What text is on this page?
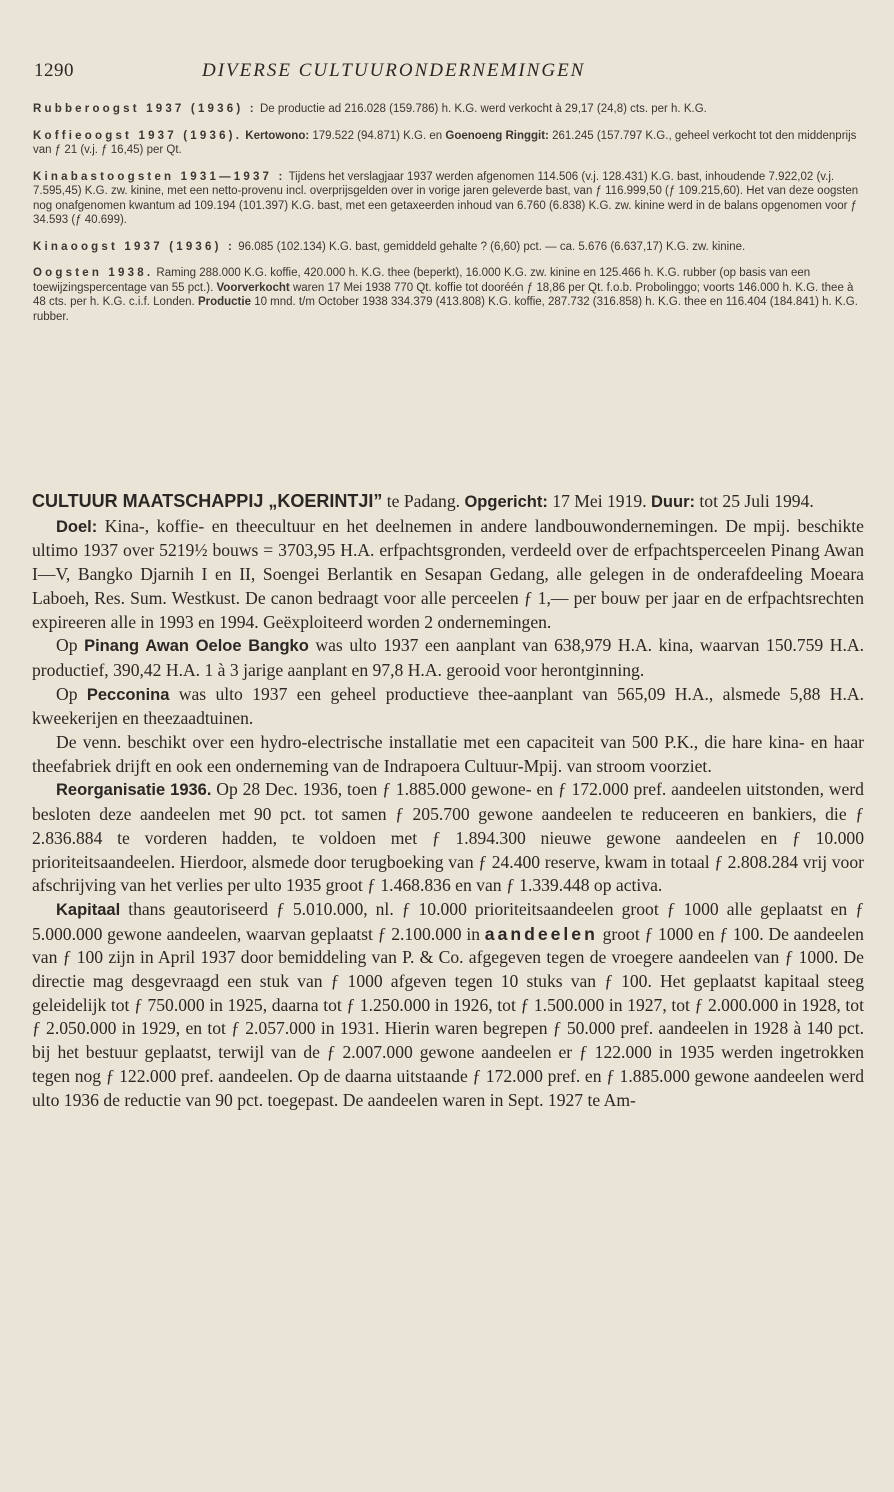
1290	DIVERSE CULTUURONDERNEMINGEN

Rubberoogst 1937 (1936) : De productie ad 216.028 (159.786) h. K.G. werd verkocht à 29,17 (24,8) cts. per h. K.G.

Koffieoogst 1937 (1936). Kertowono: 179.522 (94.871) K.G. en Goenoeng Ringgit: 261.245 (157.797 K.G., geheel verkocht tot den middenprijs van ƒ 21 (v.j. ƒ 16,45) per Qt.

Kinabastoogsten 1931—1937 : Tijdens het verslagjaar 1937 werden afgenomen 114.506 (v.j. 128.431) K.G. bast, inhoudende 7.922,02 (v.j. 7.595,45) K.G. zw. kinine, met een netto-provenu incl. overprijsgelden over in vorige jaren geleverde bast, van ƒ 116.999,50 (ƒ 109.215,60). Het van deze oogsten nog onafgenomen kwantum ad 109.194 (101.397) K.G. bast, met een getaxeerden inhoud van 6.760 (6.838) K.G. zw. kinine werd in de balans opgenomen voor ƒ 34.593 (ƒ 40.699).

Kinaoogst 1937 (1936) : 96.085 (102.134) K.G. bast, gemiddeld gehalte ? (6,60) pct. — ca. 5.676 (6.637,17) K.G. zw. kinine.

Oogsten 1938. Raming 288.000 K.G. koffie, 420.000 h. K.G. thee (beperkt), 16.000 K.G. zw. kinine en 125.466 h. K.G. rubber (op basis van een toewijzingspercentage van 55 pct.). Voorverkocht waren 17 Mei 1938 770 Qt. koffie tot dooréén ƒ 18,86 per Qt. f.o.b. Probolinggo; voorts 146.000 h. K.G. thee à 48 cts. per h. K.G. c.i.f. Londen. Productie 10 mnd. t/m October 1938 334.379 (413.808) K.G. koffie, 287.732 (316.858) h. K.G. thee en 116.404 (184.841) h. K.G. rubber.

CULTUUR MAATSCHAPPIJ „KOERINTJI” te Padang. Opgericht: 17 Mei 1919. Duur: tot 25 Juli 1994.

Doel: Kina-, koffie- en theecultuur en het deelnemen in andere landbouwondernemingen. De mpij. beschikte ultimo 1937 over 5219½ bouws = 3703,95 H.A. erfpachtsgronden, verdeeld over de erfpachtsperceelen Pinang Awan I—V, Bangko Djarnih I en II, Soengei Berlantik en Sesapan Gedang, alle gelegen in de onderafdeeling Moeara Laboeh, Res. Sum. Westkust. De canon bedraagt voor alle perceelen ƒ 1,— per bouw per jaar en de erfpachtsrechten expireeren alle in 1993 en 1994. Geëxploiteerd worden 2 ondernemingen.

Op Pinang Awan Oeloe Bangko was ulto 1937 een aanplant van 638,979 H.A. kina, waarvan 150.759 H.A. productief, 390,42 H.A. 1 à 3 jarige aanplant en 97,8 H.A. gerooid voor herontginning.

Op Pecconina was ulto 1937 een geheel productieve thee-aanplant van 565,09 H.A., alsmede 5,88 H.A. kweekerijen en theezaadtuinen.

De venn. beschikt over een hydro-electrische installatie met een capaciteit van 500 P.K., die hare kina- en haar theefabriek drijft en ook een onderneming van de Indrapoera Cultuur-Mpij. van stroom voorziet.

Reorganisatie 1936. Op 28 Dec. 1936, toen ƒ 1.885.000 gewone- en ƒ 172.000 pref. aandeelen uitstonden, werd besloten deze aandeelen met 90 pct. tot samen ƒ 205.700 gewone aandeelen te reduceeren en bankiers, die ƒ 2.836.884 te vorderen hadden, te voldoen met ƒ 1.894.300 nieuwe gewone aandeelen en ƒ 10.000 prioriteitsaandeelen. Hierdoor, alsmede door terugboeking van ƒ 24.400 reserve, kwam in totaal ƒ 2.808.284 vrij voor afschrijving van het verlies per ulto 1935 groot ƒ 1.468.836 en van ƒ 1.339.448 op activa.

Kapitaal thans geautoriseerd ƒ 5.010.000, nl. ƒ 10.000 prioriteitsaandeelen groot ƒ 1000 alle geplaatst en ƒ 5.000.000 gewone aandeelen, waarvan geplaatst ƒ 2.100.000 in aandeelen groot ƒ 1000 en ƒ 100. De aandeelen van ƒ 100 zijn in April 1937 door bemiddeling van P. & Co. afgegeven tegen de vroegere aandeelen van ƒ 1000. De directie mag desgevraagd een stuk van ƒ 1000 afgeven tegen 10 stuks van ƒ 100. Het geplaatst kapitaal steeg geleidelijk tot ƒ 750.000 in 1925, daarna tot ƒ 1.250.000 in 1926, tot ƒ 1.500.000 in 1927, tot ƒ 2.000.000 in 1928, tot ƒ 2.050.000 in 1929, en tot ƒ 2.057.000 in 1931. Hierin waren begrepen ƒ 50.000 pref. aandeelen in 1928 à 140 pct. bij het bestuur geplaatst, terwijl van de ƒ 2.007.000 gewone aandeelen er ƒ 122.000 in 1935 werden ingetrokken tegen nog ƒ 122.000 pref. aandeelen. Op de daarna uitstaande ƒ 172.000 pref. en ƒ 1.885.000 gewone aandeelen werd ulto 1936 de reductie van 90 pct. toegepast. De aandeelen waren in Sept. 1927 te Am-
